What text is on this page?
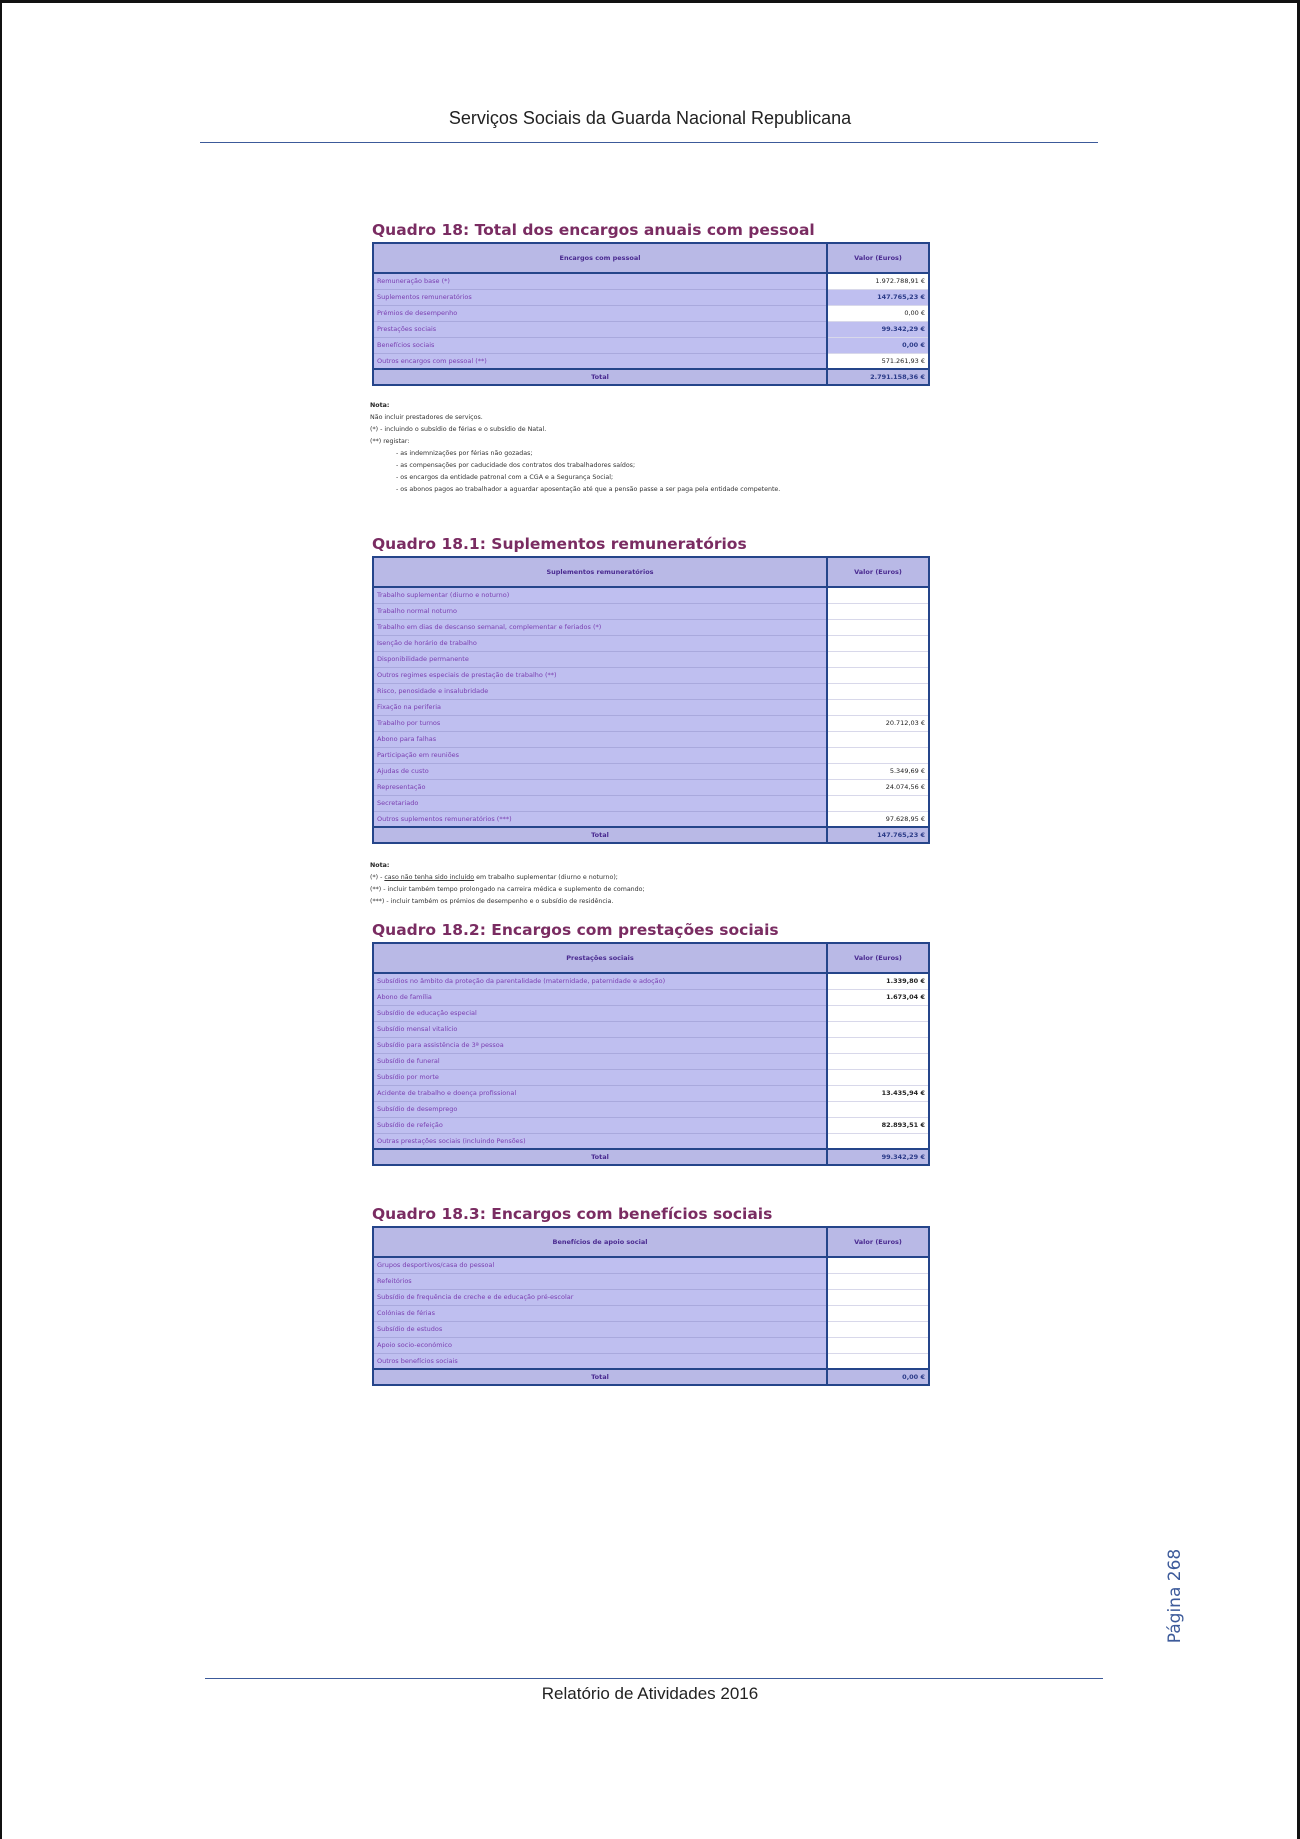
Serviços Sociais da Guarda Nacional Republicana
Quadro 18: Total dos encargos anuais com pessoal
Encargos com pessoal	Valor (Euros)
Remuneração base (*)	1.972.788,91 €
Suplementos remuneratórios	147.765,23 €
Prémios de desempenho	0,00 €
Prestações sociais	99.342,29 €
Benefícios sociais	0,00 €
Outros encargos com pessoal (**)	571.261,93 €
Total	2.791.158,36 €
Nota:
Não incluir prestadores de serviços.
(*) - incluindo o subsídio de férias e o subsídio de Natal.
(**) registar:
- as indemnizações por férias não gozadas;
- as compensações por caducidade dos contratos dos trabalhadores saídos;
- os encargos da entidade patronal com a CGA e a Segurança Social;
- os abonos pagos ao trabalhador a aguardar aposentação até que a pensão passe a ser paga pela entidade competente.
Quadro 18.1: Suplementos remuneratórios
Suplementos remuneratórios	Valor (Euros)
Trabalho suplementar (diurno e noturno)	
Trabalho normal noturno	
Trabalho em dias de descanso semanal, complementar e feriados (*)	
Isenção de horário de trabalho	
Disponibilidade permanente	
Outros regimes especiais de prestação de trabalho (**)	
Risco, penosidade e insalubridade	
Fixação na periferia	
Trabalho por turnos	20.712,03 €
Abono para falhas	
Participação em reuniões	
Ajudas de custo	5.349,69 €
Representação	24.074,56 €
Secretariado	
Outros suplementos remuneratórios (***)	97.628,95 €
Total	147.765,23 €
Nota:
(*) - caso não tenha sido incluído em trabalho suplementar (diurno e noturno);
(**) - incluir também tempo prolongado na carreira médica e suplemento de comando;
(***) - incluir também os prémios de desempenho e o subsídio de residência.
Quadro 18.2: Encargos com prestações sociais
Prestações sociais	Valor (Euros)
Subsídios no âmbito da proteção da parentalidade (maternidade, paternidade e adoção)	1.339,80 €
Abono de família	1.673,04 €
Subsídio de educação especial	
Subsídio mensal vitalício	
Subsídio para assistência de 3ª pessoa	
Subsídio de funeral	
Subsídio por morte	
Acidente de trabalho e doença profissional	13.435,94 €
Subsídio de desemprego	
Subsídio de refeição	82.893,51 €
Outras prestações sociais (incluindo Pensões)	
Total	99.342,29 €
Quadro 18.3: Encargos com benefícios sociais
Benefícios de apoio social	Valor (Euros)
Grupos desportivos/casa do pessoal	
Refeitórios	
Subsídio de frequência de creche e de educação pré-escolar	
Colónias de férias	
Subsídio de estudos	
Apoio socio-económico	
Outros benefícios sociais	
Total	0,00 €
Página 268
Relatório de Atividades 2016
